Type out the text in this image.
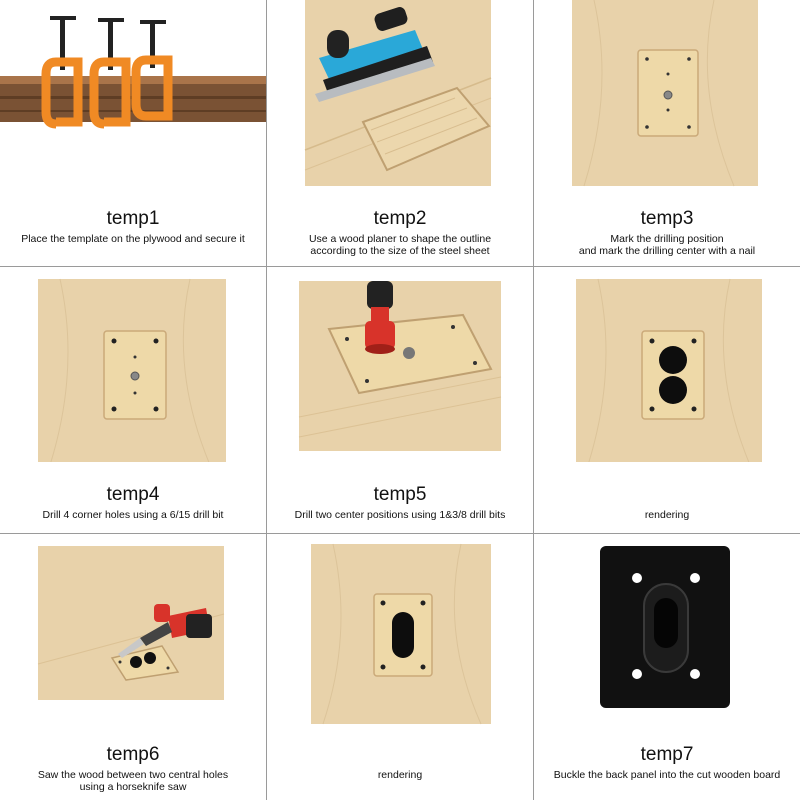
temp1
Place the template on the plywood and secure it
temp2
Use a wood planer to shape the outline
according to the size of the steel sheet
temp3
Mark the drilling position
and mark the drilling center with a nail
temp4
Drill 4 corner holes using a 6/15 drill bit
temp5
Drill two center positions using 1&3/8 drill bits	rendering
temp6
Saw the wood between two central holes
using a horseknife saw
rendering
temp7
Buckle the back panel into the cut wooden board
